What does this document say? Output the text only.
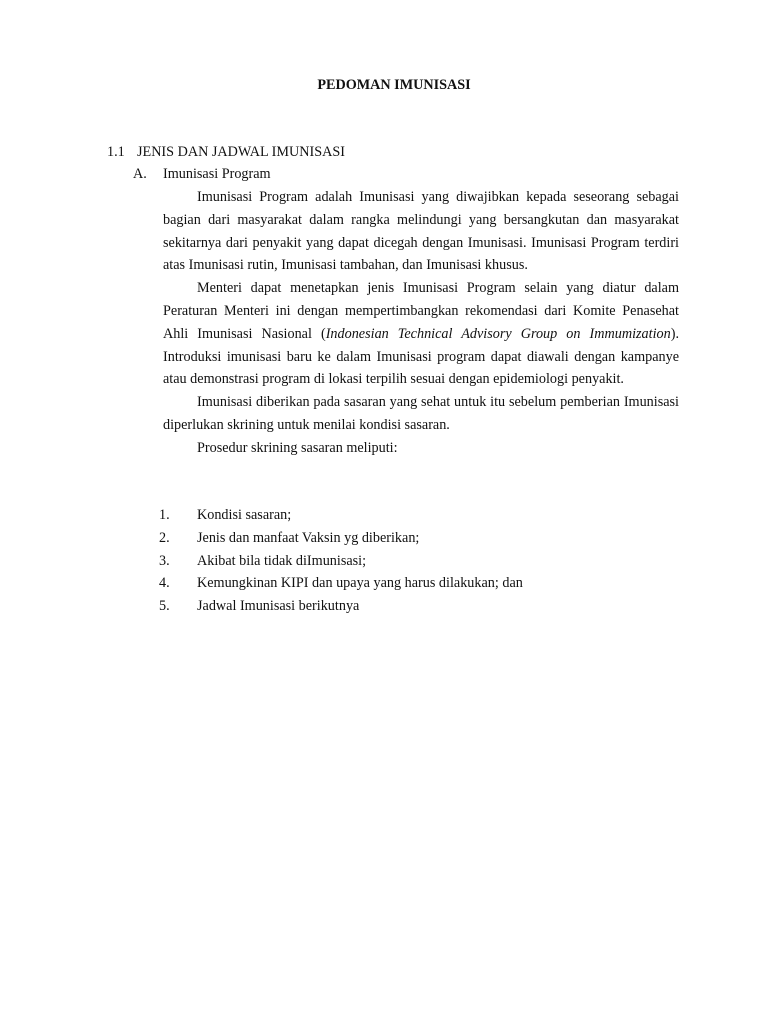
PEDOMAN IMUNISASI
1.1 JENIS DAN JADWAL IMUNISASI
A. Imunisasi Program

Imunisasi Program adalah Imunisasi yang diwajibkan kepada seseorang sebagai bagian dari masyarakat dalam rangka melindungi yang bersangkutan dan masyarakat sekitarnya dari penyakit yang dapat dicegah dengan Imunisasi. Imunisasi Program terdiri atas Imunisasi rutin, Imunisasi tambahan, dan Imunisasi khusus.

Menteri dapat menetapkan jenis Imunisasi Program selain yang diatur dalam Peraturan Menteri ini dengan mempertimbangkan rekomendasi dari Komite Penasehat Ahli Imunisasi Nasional (Indonesian Technical Advisory Group on Immumization). Introduksi imunisasi baru ke dalam Imunisasi program dapat diawali dengan kampanye atau demonstrasi program di lokasi terpilih sesuai dengan epidemiologi penyakit.

Imunisasi diberikan pada sasaran yang sehat untuk itu sebelum pemberian Imunisasi diperlukan skrining untuk menilai kondisi sasaran.

Prosedur skrining sasaran meliputi:

1.	Kondisi sasaran;
2.	Jenis dan manfaat Vaksin yg diberikan;
3.	Akibat bila tidak diImunisasi;
4.	Kemungkinan KIPI dan upaya yang harus dilakukan; dan
5.	Jadwal Imunisasi berikutnya
